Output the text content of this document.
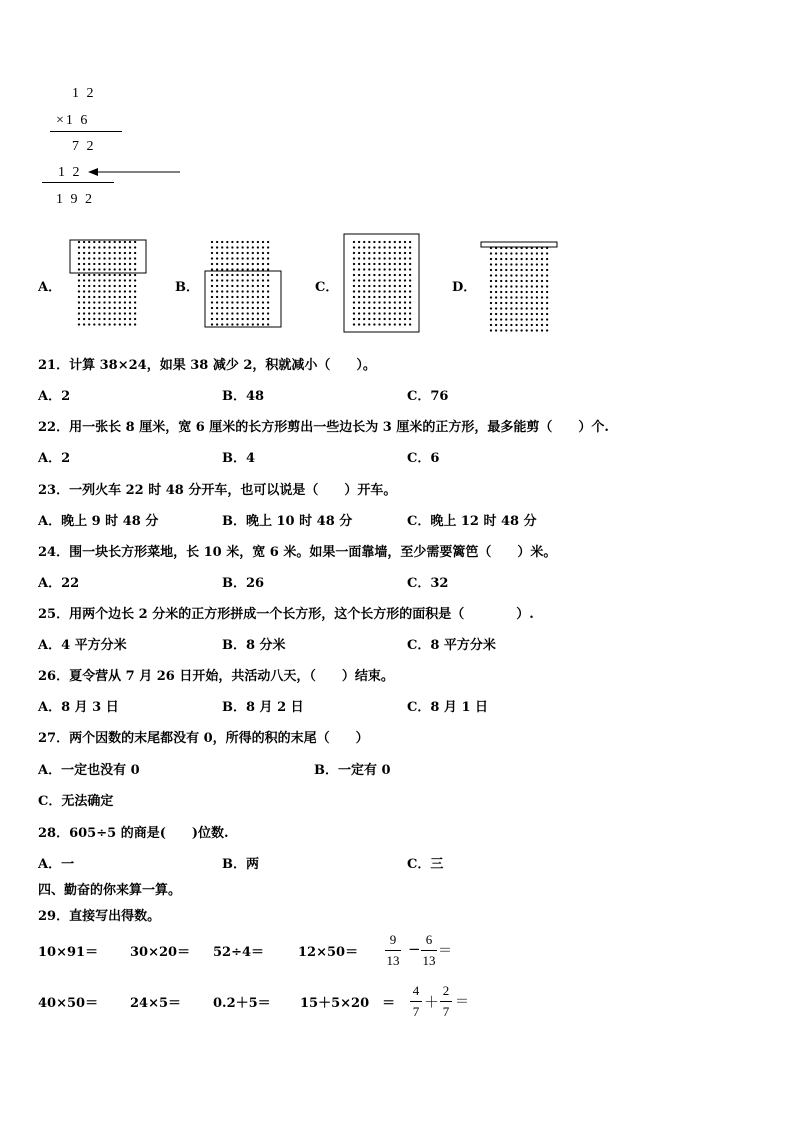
1 2
×1 6
7 2
1 2
1 9 2
A．	B．	C．	D．
21．计算 38×24，如果 38 减少 2，积就减小（　　）。
A．2	B．48	C．76
22．用一张长 8 厘米，宽 6 厘米的长方形剪出一些边长为 3 厘米的正方形，最多能剪（　　）个.
A．2	B．4	C．6
23．一列火车 22 时 48 分开车，也可以说是（　　）开车。
A．晚上 9 时 48 分	B．晚上 10 时 48 分	C．晚上 12 时 48 分
24．围一块长方形菜地，长 10 米，宽 6 米。如果一面靠墙，至少需要篱笆（　　）米。
A．22	B．26	C．32
25．用两个边长 2 分米的正方形拼成一个长方形，这个长方形的面积是（　　　　）.
A．4 平方分米	B．8 分米	C．8 平方分米
26．夏令营从 7 月 26 日开始，共活动八天，（　　）结束。
A．8 月 3 日	B．8 月 2 日	C．8 月 1 日
27．两个因数的末尾都没有 0，所得的积的末尾（　　）
A．一定也没有 0	B．一定有 0
C．无法确定
28．605÷5 的商是(　　)位数.
A．一	B．两	C．三
四、勤奋的你来算一算。
29．直接写出得数。
10×91＝ 30×20＝ 52÷4＝	12×50＝
9
13
−
6
13
＝
40×50＝ 24×5＝ 0.2＋5＝ 15＋5×20　＝
4
7
＋
2
7
＝
